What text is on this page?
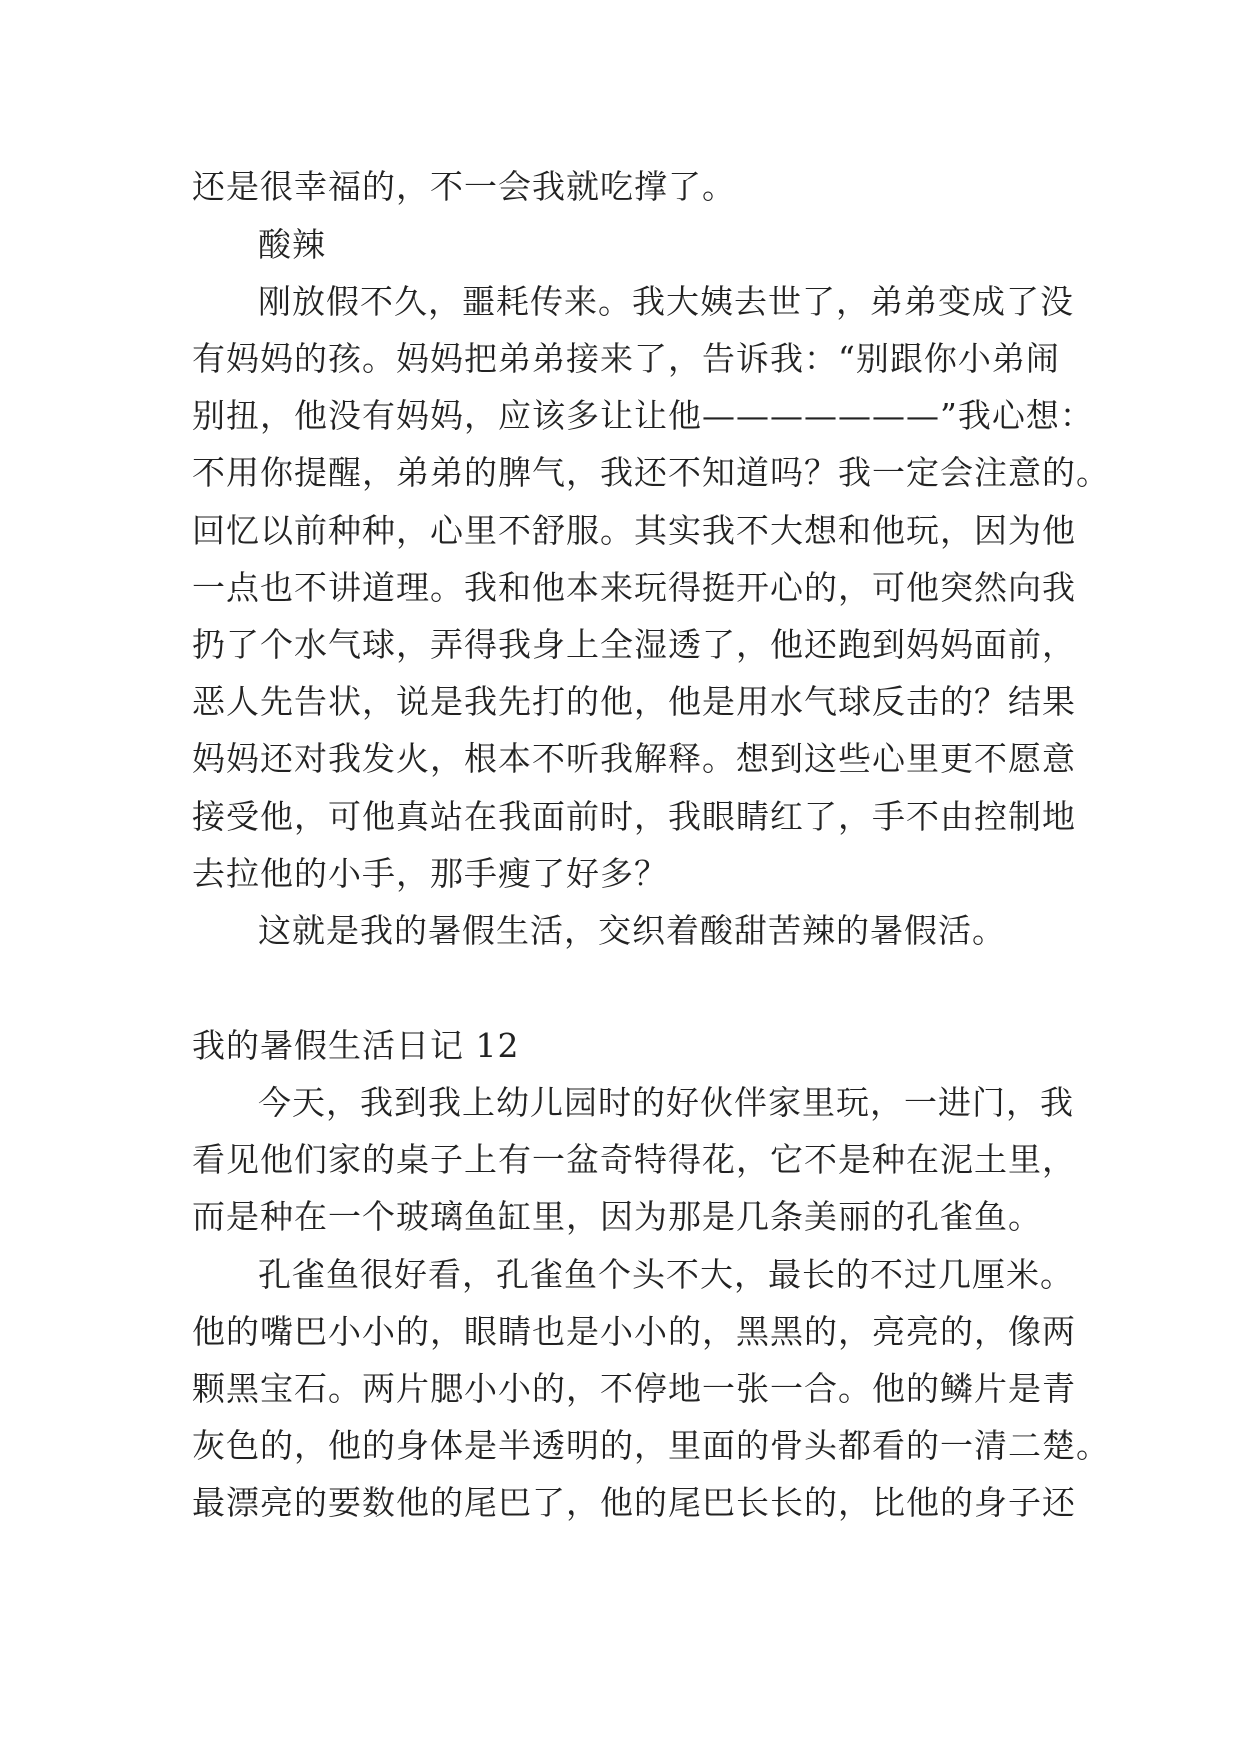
还是很幸福的，不一会我就吃撑了。
酸辣
刚放假不久，噩耗传来。我大姨去世了，弟弟变成了没
有妈妈的孩。妈妈把弟弟接来了，告诉我：“别跟你小弟闹
别扭，他没有妈妈，应该多让让他———————”我心想：
不用你提醒，弟弟的脾气，我还不知道吗？我一定会注意的。
回忆以前种种，心里不舒服。其实我不大想和他玩，因为他
一点也不讲道理。我和他本来玩得挺开心的，可他突然向我
扔了个水气球，弄得我身上全湿透了，他还跑到妈妈面前，
恶人先告状，说是我先打的他，他是用水气球反击的？结果
妈妈还对我发火，根本不听我解释。想到这些心里更不愿意
接受他，可他真站在我面前时，我眼睛红了，手不由控制地
去拉他的小手，那手瘦了好多？
这就是我的暑假生活，交织着酸甜苦辣的暑假活。
我的暑假生活日记 12
今天，我到我上幼儿园时的好伙伴家里玩，一进门，我
看见他们家的桌子上有一盆奇特得花，它不是种在泥土里，
而是种在一个玻璃鱼缸里，因为那是几条美丽的孔雀鱼。
孔雀鱼很好看，孔雀鱼个头不大，最长的不过几厘米。
他的嘴巴小小的，眼睛也是小小的，黑黑的，亮亮的，像两
颗黑宝石。两片腮小小的，不停地一张一合。他的鳞片是青
灰色的，他的身体是半透明的，里面的骨头都看的一清二楚。
最漂亮的要数他的尾巴了，他的尾巴长长的，比他的身子还
